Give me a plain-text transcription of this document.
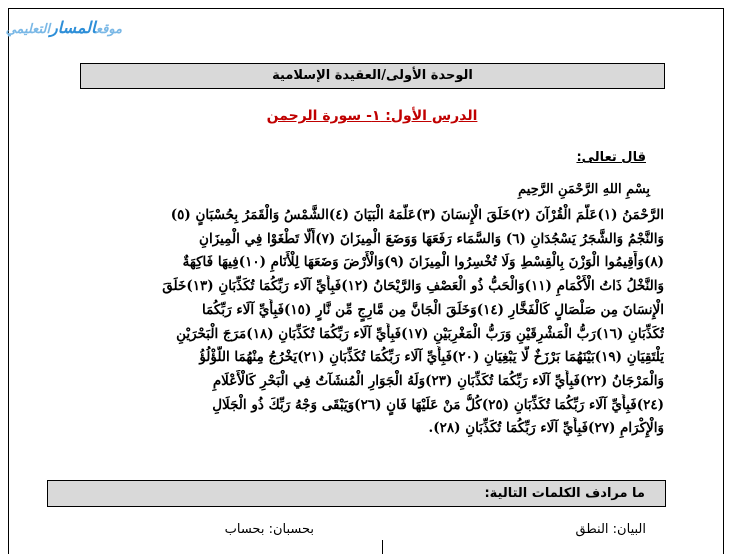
موقعالمسارالتعليمي
الوحدة الأولى/العقيدة الإسلامية
الدرس الأول: ١- سورة الرحمن
قال تعالى:
بِسْمِ اللهِ الرَّحْمَنِ الرَّحِيمِ
الرَّحْمَنُ (١)عَلَّمَ الْقُرْآنَ (٢)خَلَقَ الْإِنسَانَ (٣)عَلَّمَهُ الْبَيَانَ (٤)الشَّمْسُ وَالْقَمَرُ بِحُسْبَانٍ (٥)
وَالنَّجْمُ وَالشَّجَرُ يَسْجُدَانِ (٦) وَالسَّمَاء رَفَعَهَا وَوَضَعَ الْمِيزَانَ (٧)أَلَّا تَطْغَوْا فِي الْمِيزَانِ
(٨)وَأَقِيمُوا الْوَزْنَ بِالْقِسْطِ وَلَا تُخْسِرُوا الْمِيزَانَ (٩)وَالْأَرْضَ وَضَعَهَا لِلْأَنَامِ (١٠)فِيهَا فَاكِهَةٌ
وَالنَّخْلُ ذَاتُ الْأَكْمَامِ (١١)وَالْحَبُّ ذُو الْعَصْفِ وَالرَّيْحَانُ (١٢)فَبِأَيِّ آلَاء رَبِّكُمَا تُكَذِّبَانِ (١٣)خَلَقَ
الْإِنسَانَ مِن صَلْصَالٍ كَالْفَخَّارِ (١٤)وَخَلَقَ الْجَانَّ مِن مَّارِجٍ مِّن نَّارٍ (١٥)فَبِأَيِّ آلَاء رَبِّكُمَا
تُكَذِّبَانِ (١٦)رَبُّ الْمَشْرِقَيْنِ وَرَبُّ الْمَغْرِبَيْنِ (١٧)فَبِأَيِّ آلَاء رَبِّكُمَا تُكَذِّبَانِ (١٨)مَرَجَ الْبَحْرَيْنِ
يَلْتَقِيَانِ (١٩)بَيْنَهُمَا بَرْزَخٌ لَّا يَبْغِيَانِ (٢٠)فَبِأَيِّ آلَاء رَبِّكُمَا تُكَذِّبَانِ (٢١)يَخْرُجُ مِنْهُمَا اللُّؤْلُؤُ
وَالْمَرْجَانُ (٢٢)فَبِأَيِّ آلَاء رَبِّكُمَا تُكَذِّبَانِ (٢٣)وَلَهُ الْجَوَارِ الْمُنشَآتُ فِي الْبَحْرِ كَالْأَعْلَامِ
(٢٤)فَبِأَيِّ آلَاء رَبِّكُمَا تُكَذِّبَانِ (٢٥)كُلُّ مَنْ عَلَيْهَا فَانٍ (٢٦)وَيَبْقَى وَجْهُ رَبِّكَ ذُو الْجَلَالِ
وَالْإِكْرَامِ (٢٧)فَبِأَيِّ آلَاء رَبِّكُمَا تُكَذِّبَانِ (٢٨).
ما مرادف الكلمات التالية:
البيان: النطق
بحسبان: بحساب
